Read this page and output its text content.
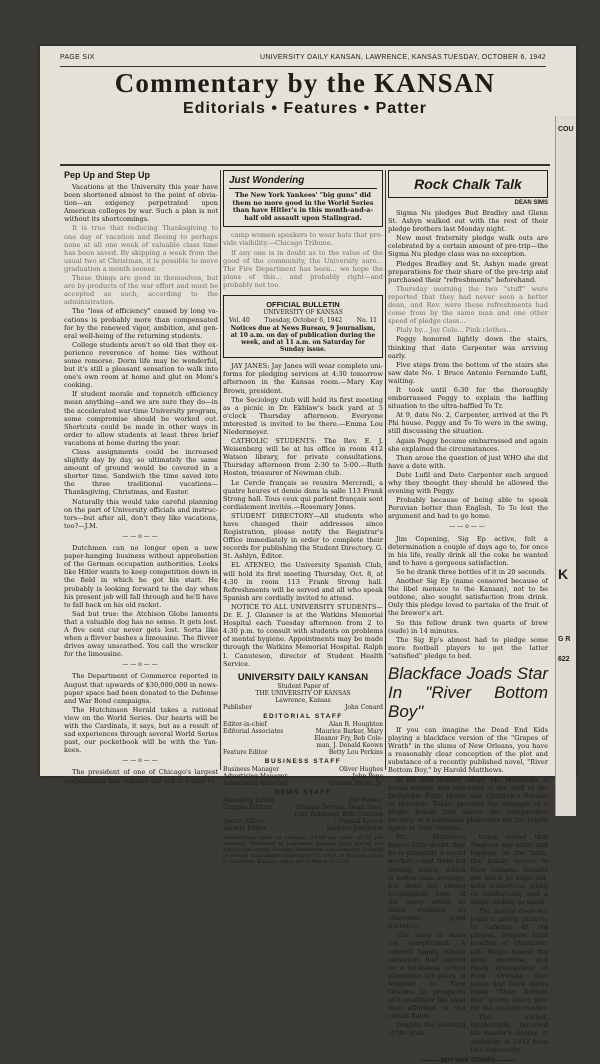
PAGE SIX	UNIVERSITY DAILY KANSAN, LAWRENCE, KANSAS TUESDAY, OCTOBER 6, 1942
Commentary by the KANSAN
Editorials • Features • Patter
Pep Up and Step Up

Vacations at the University this year have been shortened almost to the point of obviation—an exigency perpetrated upon American colleges by war. Such a plan is not without its shortcomings.

It is true that reducing Thanksgiving to one day of vacation and fleeing to perhaps none at all one week of valuable class time has been saved. By skipping a week from the usual two at Christmas, it is possible to move graduation a month sooner.

These things are good in themselves, but are by-products of the war effort and must be accepted as such, according to the administration.

The "loss of efficiency" caused by long vacations is probably more than compensated for by the renewed vigor, ambition, and general well-being of the returning students.

College students aren't so old that they experience reverence of home ties without some remorse. Dorm life may be wonderful, but it's still a pleasant sensation to walk into one's own room at home and glut on Mom's cooking.

If student morale and topnotch efficiency mean anything—and we are sure they do—in the accelerated war-time University program, some compromise should be worked out. Shortcuts could be made in other ways in order to allow students at least three brief vacations at home during the year.

Class assignments could be increased slightly day by day, so ultimately the same amount of ground would be covered in a shorter time. Sandwich the time saved into the three traditional vacations—Thanksgiving, Christmas, and Easter.

Naturally this would take careful planning on the part of University officials and instructors—but after all, don't they like vacations, too?—J.M.

——o——

Dutchmen can no longer open a new paper-hanging business without approbation of the German occupation authorities. Looks like Hitler wants to keep competition down in the field in which he got his start. He probably is looking forward to the day when his present job will fall through and he'll have to fall back on his old racket.

Sad but true: the Atchison Globe laments that a valuable dog has no sense. It gets lost. A five cent cur never gets lost. Sorta like when a flivver bashes a limousine. The flivver drives away unscathed. You call the wrecker for the limousine.

——o——

The Department of Commerce reported in August that upwards of $30,000,000 in newspaper space had been donated to the Defense and War Bond campaigns.

The Hutchinson Herald takes a rational view on the World Series. Our hearts will be with the Cardinals, it says, but as a result of sad experiences through several World Series past, our pocketbook will be with the Yankees.

——o——

The president of one of Chicago's largest corporations has enlisted our aid in a plea to

Just Wondering
The New York Yankees' "big guns" did them no more good in the World Series than have Hitler's in this month-and-a-half old assault upon Stalingrad.

camp women speakers to wear hats that provide visibility.—Chicago Tribune.

If any one is in doubt as to the value of the good of the community, the University sure... The Fire Department has been... we hope the plans of this... and probably right—and probably not too.

OFFICIAL BULLETIN
UNIVERSITY OF KANSAS
Vol. 40 Tuesday, October 6, 1942 No. 11
Notices due at News Bureau, 9 Journalism, at 10 a.m. on day of publication during the week, and at 11 a.m. on Saturday for Sunday issue.

JAY JANES: Jay Janes will wear complete uniforms for pledging services at 4:30 tomorrow afternoon in the Kansas room.—Mary Kay Brown, president.

The Sociology club will hold its first meeting as a picnic in Dr. Ekblaw's back yard at 5 o'clock Thursday afternoon. Everyone interested is invited to be there.—Emma Lou Niedermeyer.

CATHOLIC STUDENTS: The Rev. E. J. Weisenberg will be at his office in room 412 Watson library, for private consultations, Thursday afternoon from 2:30 to 5:00.—Ruth Heston, treasurer of Newman club.

Le Cercle français se reunira Mercredi, a quatre heures et demie dans la salle 113 Frank Strong hall. Tous ceux qui parlent français sont cordialement invités.—Rosemary Jones.

STUDENT DIRECTORY—All students who have changed their addresses since Registration, please notify the Registrar's Office immediately in order to complete their records for publishing the Student Directory. G. St. Ashlyn, Editor.

EL ATENEO, the University Spanish Club, will hold its first meeting Thursday, Oct. 8, at 4:30 in room 113 Frank Strong hall. Refreshments will be served and all who speak Spanish are cordially invited to attend.

NOTICE TO ALL UNIVERSITY STUDENTS—Dr. E. J. Glaisner is at the Watkins Memorial Hospital each Tuesday afternoon from 2 to 4:30 p.m. to consult with students on problems of mental hygiene. Appointments may be made through the Watkins Memorial Hospital. Ralph I. Canuteson, director of Student Health Service.

UNIVERSITY DAILY KANSAN
Student Paper of
THE UNIVERSITY OF KANSAS
Lawrence, Kansas
Publisher	John Conard
EDITORIAL STAFF
Editor-in-chief	Alan B. Houghton
Editorial Associates	Maurice Barker, Mary
Eleanor Fry, Bob Cole-
man, J. Donald Keown
Feature Editor	Betty Lou Perkins
BUSINESS STAFF
Business Manager	Oliver Hughes
Advertising Manager	John Pope
Advertising Assistant	Charles Taylor, Jr.
NEWS STAFF
Managing Editor	Bill Fenner
Campus Editors	Virginia Tiernan, Dean Sims,
Dale Robinson, Bob Coleman
Sports Editor	J. Donald Keown
Society Editor	Barbara Batchelor

Subscription rates, in advance, $3.00 per year; $1.75 per semester. Published at Lawrence, Kansas, daily during the school year except Monday, Wednesday and Saturday. Entered as second class matter September 17, 1910, at the post office at Lawrence, Kansas, under act of March 3, 1879.

Rock Chalk Talk
DEAN SIMS

Sigma Nu pledges Bud Bradley and Glenn St. Ashyn walked out with the rest of their pledge brothers last Monday night.

New most fraternity pledge walk outs are celebrated by a certain amount of pre-trip—the Sigma Nu pledge class was no exception.

Pledges Bradley and St. Ashyn made great preparations for their share of the pre-trip and purchased their "refreshments" beforehand.

Thursday morning the two "stuff" were reported that they had never seen a better dean, and Rev. were these refreshments had come from by the same man and one other speed of pledge class...

Plaly by... Jay Cole... Pink clothes...

Peggy honored lightly down the stairs, thinking that date Carpenter was arriving early.

Five steps from the bottom of the stairs she saw date No. 1 Bruce Antonio Fernando Lufil, waiting.

It took until 6:30 for the thoroughly embarrassed Peggy to explain the baffling situation to the ultra-baffled To Tr.

At 9, date No. 2, Carpenter, arrived at the Pi Phi house. Peggy and To To were in the swing, still discussing the situation.

Again Peggy became embarrassed and again she explained the circumstances.

Then arose the question of just WHO she did have a date with.

Date Lufil and Dato Carpenter each argued why they thought they should be allowed the evening with Peggy.

Probably because of being able to speak Peruvian better than English, To To lost the argument and had to go home.

——o——

Jim Copening, Sig Ep active, felt a determination a couple of days ago to, for once in his life, really drink all the coke he wanted and to have a gorgeous satisfaction.

So he drank three bottles of it in 20 seconds.

Another Sig Ep (name censored because of the libel menace to the Kansan), not to be outdone, also sought satisfaction from drink. Only this pledge loved to partake of the fruit of the brewer's art.

So this fellow drank two quarts of brew (sude) in 14 minutes.

The Sig Ep's almost had to pledge some more football players to get the latter "satisfied" pledge to bed.

Blackface Joads Star In "River Bottom Boy"

If you can imagine the Dead End Kids playing a blackface version of the "Grapes of Wrath" in the slums of New Orleans, you have a reasonably clear conception of the plot and substance of a recently published novel, "River Bottom Boy," by Harold Matthews.

In his first literary effort, Mr. Matthews, a social worker and executive of the staff of the DePelchin Faith Home and Children's Bureau at Houston, Texas, pictures the struggle of a Negro family that leaves the comparative security of a Louisiana plantation for the bright lights of New Orleans.

Mr. Matthews leaves little doubt that he is primarily a social worker —and from his writing ability, which is better than average, but from the strong sociological bent of the story which at times weakens an otherwise good narrative.

The story is none too complicated. A colored family, whose ancestors had served on a Louisiana cotton plantation for years, is tempted to New Orleans by prospects of a wealthier life than that afforded in the cotton fields.

Despite the warning of the plan-

tation owner that Negroes are safer and happier on the farm, the family moves to New Orleans. Results are much as expected, with misfortune piling on misfortune, and a tragic ending as usual.

The author does not paint a pretty picture, to exhume an old phrase. Despite faint touches of characteristic Negro humor, the grim overtone and ready atmosphere of New Orleans dive joints and back alleys make "River Bottom Boy" pretty heavy fare for the average reader.

The author, incidentally, received his master's degree in sociology in 1932 from this University.

——— BUY WAR STAMPS ———
COU
K
G R
622
